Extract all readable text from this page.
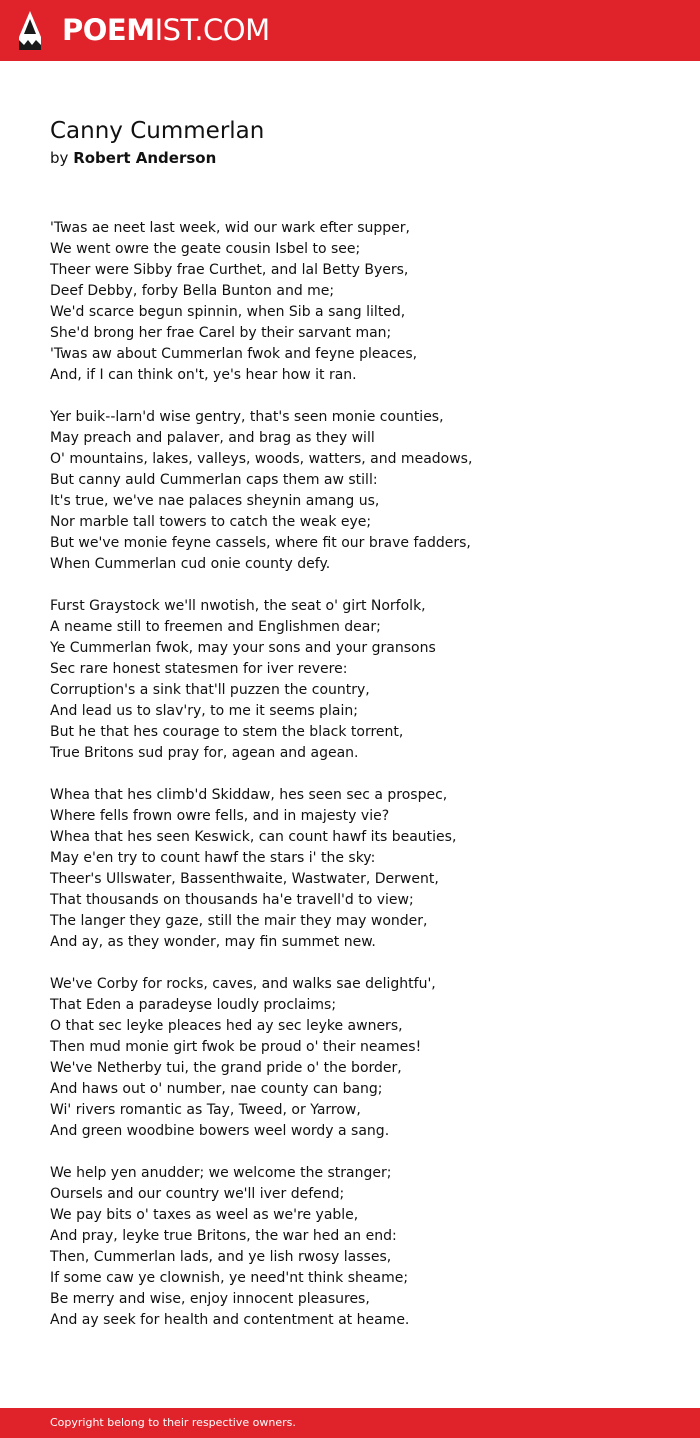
POEMIST.COM
Canny Cummerlan
by Robert Anderson
'Twas ae neet last week, wid our wark efter supper,
We went owre the geate cousin Isbel to see;
Theer were Sibby frae Curthet, and lal Betty Byers,
Deef Debby, forby Bella Bunton and me;
We'd scarce begun spinnin, when Sib a sang lilted,
She'd brong her frae Carel by their sarvant man;
'Twas aw about Cummerlan fwok and feyne pleaces,
And, if I can think on't, ye's hear how it ran.
Yer buik--larn'd wise gentry, that's seen monie counties,
May preach and palaver, and brag as they will
O' mountains, lakes, valleys, woods, watters, and meadows,
But canny auld Cummerlan caps them aw still:
It's true, we've nae palaces sheynin amang us,
Nor marble tall towers to catch the weak eye;
But we've monie feyne cassels, where fit our brave fadders,
When Cummerlan cud onie county defy.
Furst Graystock we'll nwotish, the seat o' girt Norfolk,
A neame still to freemen and Englishmen dear;
Ye Cummerlan fwok, may your sons and your gransons
Sec rare honest statesmen for iver revere:
Corruption's a sink that'll puzzen the country,
And lead us to slav'ry, to me it seems plain;
But he that hes courage to stem the black torrent,
True Britons sud pray for, agean and agean.
Whea that hes climb'd Skiddaw, hes seen sec a prospec,
Where fells frown owre fells, and in majesty vie?
Whea that hes seen Keswick, can count hawf its beauties,
May e'en try to count hawf the stars i' the sky:
Theer's Ullswater, Bassenthwaite, Wastwater, Derwent,
That thousands on thousands ha'e travell'd to view;
The langer they gaze, still the mair they may wonder,
And ay, as they wonder, may fin summet new.
We've Corby for rocks, caves, and walks sae delightfu',
That Eden a paradeyse loudly proclaims;
O that sec leyke pleaces hed ay sec leyke awners,
Then mud monie girt fwok be proud o' their neames!
We've Netherby tui, the grand pride o' the border,
And haws out o' number, nae county can bang;
Wi' rivers romantic as Tay, Tweed, or Yarrow,
And green woodbine bowers weel wordy a sang.
We help yen anudder; we welcome the stranger;
Oursels and our country we'll iver defend;
We pay bits o' taxes as weel as we're yable,
And pray, leyke true Britons, the war hed an end:
Then, Cummerlan lads, and ye lish rwosy lasses,
If some caw ye clownish, ye need'nt think sheame;
Be merry and wise, enjoy innocent pleasures,
And ay seek for health and contentment at heame.
Copyright belong to their respective owners.
